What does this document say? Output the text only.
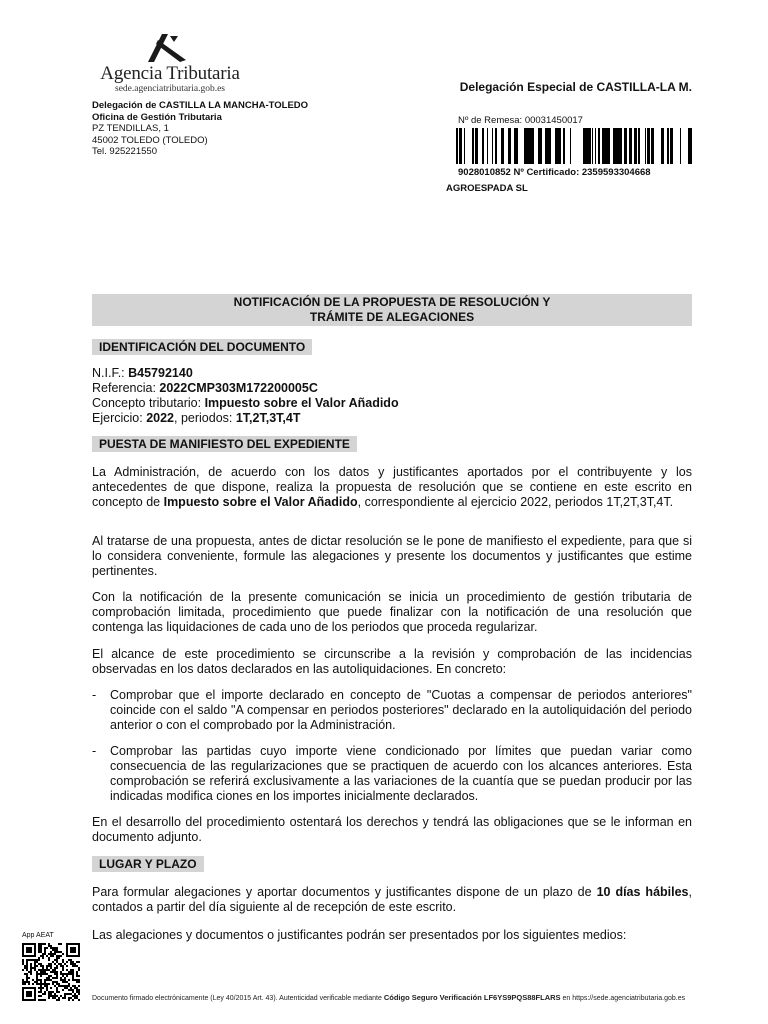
Agencia Tributaria
sede.agenciatributaria.gob.es	Delegación Especial de CASTILLA-LA M.
Delegación de CASTILLA LA MANCHA-TOLEDO
Oficina de Gestión Tributaria
PZ TENDILLAS, 1
45002 TOLEDO (TOLEDO)
Tel. 925221550
Nº de Remesa: 00031450017
9028010852 Nº Certificado: 2359593304668
AGROESPADA SL
NOTIFICACIÓN DE LA PROPUESTA DE RESOLUCIÓN Y
TRÁMITE DE ALEGACIONES
IDENTIFICACIÓN DEL DOCUMENTO
N.I.F.: B45792140
Referencia: 2022CMP303M172200005C
Concepto tributario: Impuesto sobre el Valor Añadido
Ejercicio: 2022, periodos: 1T,2T,3T,4T
PUESTA DE MANIFIESTO DEL EXPEDIENTE
La Administración, de acuerdo con los datos y justificantes aportados por el contribuyente y los antecedentes de que dispone, realiza la propuesta de resolución que se contiene en este escrito en concepto de Impuesto sobre el Valor Añadido, correspondiente al ejercicio 2022, periodos 1T,2T,3T,4T.
Al tratarse de una propuesta, antes de dictar resolución se le pone de manifiesto el expediente, para que si lo considera conveniente, formule las alegaciones y presente los documentos y justificantes que estime pertinentes.
Con la notificación de la presente comunicación se inicia un procedimiento de gestión tributaria de comprobación limitada, procedimiento que puede finalizar con la notificación de una resolución que contenga las liquidaciones de cada uno de los periodos que proceda regularizar.
El alcance de este procedimiento se circunscribe a la revisión y comprobación de las incidencias observadas en los datos declarados en las autoliquidaciones. En concreto:
- Comprobar que el importe declarado en concepto de "Cuotas a compensar de periodos anteriores" coincide con el saldo "A compensar en periodos posteriores" declarado en la autoliquidación del periodo anterior o con el comprobado por la Administración.
- Comprobar las partidas cuyo importe viene condicionado por límites que puedan variar como consecuencia de las regularizaciones que se practiquen de acuerdo con los alcances anteriores. Esta comprobación se referirá exclusivamente a las variaciones de la cuantía que se puedan producir por las indicadas modifica ciones en los importes inicialmente declarados.
En el desarrollo del procedimiento ostentará los derechos y tendrá las obligaciones que se le informan en documento adjunto.
LUGAR Y PLAZO
Para formular alegaciones y aportar documentos y justificantes dispone de un plazo de 10 días hábiles, contados a partir del día siguiente al de recepción de este escrito.
Las alegaciones y documentos o justificantes podrán ser presentados por los siguientes medios:
App AEAT
Documento firmado electrónicamente (Ley 40/2015 Art. 43). Autenticidad verificable mediante Código Seguro Verificación LF6YS9PQS88FLARS en https://sede.agenciatributaria.gob.es
